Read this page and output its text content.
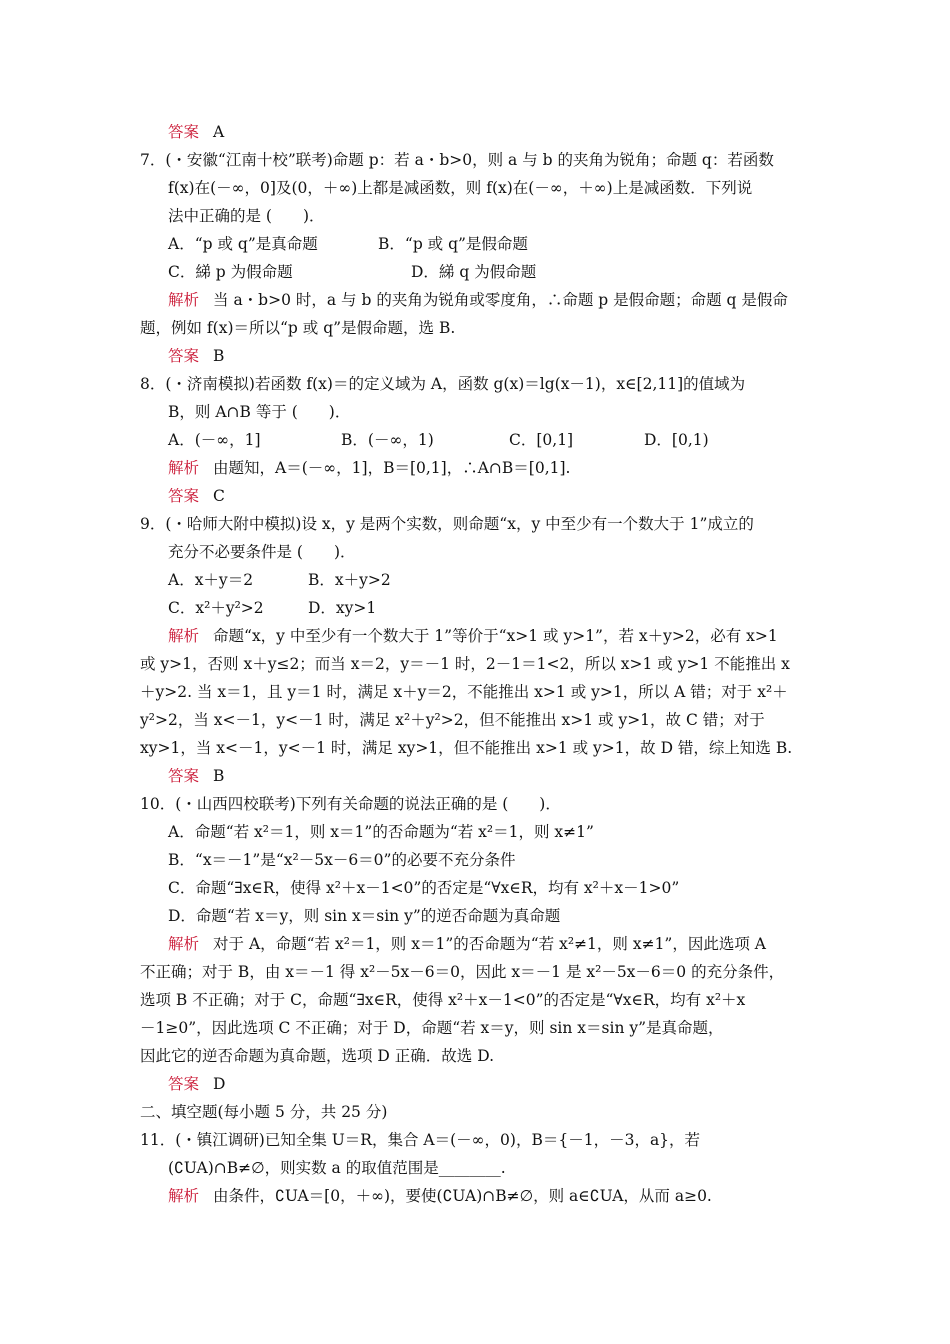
答案 A
7．(・安徽“江南十校”联考)命题 p：若 a・b>0，则 a 与 b 的夹角为锐角；命题 q：若函数
f(x)在(－∞，0]及(0，＋∞)上都是减函数，则 f(x)在(－∞，＋∞)上是减函数．下列说
法中正确的是 (　　)．
A．“p 或 q”是真命题	B．“p 或 q”是假命题
C．綈 p 为假命题	D．綈 q 为假命题
解析 当 a・b>0 时，a 与 b 的夹角为锐角或零度角，∴命题 p 是假命题；命题 q 是假命
题，例如 f(x)＝所以“p 或 q”是假命题，选 B.
答案 B
8．(・济南模拟)若函数 f(x)＝的定义域为 A，函数 g(x)＝lg(x－1)，x∈[2,11]的值域为
B，则 A∩B 等于 (　　)．
A．(－∞，1]	B．(－∞，1)	C．[0,1]	D．[0,1)
解析 由题知，A＝(－∞，1]，B＝[0,1]，∴A∩B＝[0,1].
答案 C
9．(・哈师大附中模拟)设 x，y 是两个实数，则命题“x，y 中至少有一个数大于 1”成立的
充分不必要条件是 (　　)．
A．x＋y＝2	B．x＋y>2
C．x²＋y²>2	D．xy>1
解析 命题“x，y 中至少有一个数大于 1”等价于“x>1 或 y>1”，若 x＋y>2，必有 x>1
或 y>1，否则 x＋y≤2；而当 x＝2，y＝－1 时，2－1＝1<2，所以 x>1 或 y>1 不能推出 x
＋y>2. 当 x＝1，且 y＝1 时，满足 x＋y＝2，不能推出 x>1 或 y>1，所以 A 错；对于 x²＋
y²>2，当 x<－1，y<－1 时，满足 x²＋y²>2，但不能推出 x>1 或 y>1，故 C 错；对于
xy>1，当 x<－1，y<－1 时，满足 xy>1，但不能推出 x>1 或 y>1，故 D 错，综上知选 B.
答案 B
10．(・山西四校联考)下列有关命题的说法正确的是 (　　)．
A．命题“若 x²＝1，则 x＝1”的否命题为“若 x²＝1，则 x≠1”
B．“x＝－1”是“x²－5x－6＝0”的必要不充分条件
C．命题“∃x∈R，使得 x²＋x－1<0”的否定是“∀x∈R，均有 x²＋x－1>0”
D．命题“若 x＝y，则 sin x＝sin y”的逆否命题为真命题
解析 对于 A，命题“若 x²＝1，则 x＝1”的否命题为“若 x²≠1，则 x≠1”，因此选项 A
不正确；对于 B，由 x＝－1 得 x²－5x－6＝0，因此 x＝－1 是 x²－5x－6＝0 的充分条件，
选项 B 不正确；对于 C，命题“∃x∈R，使得 x²＋x－1<0”的否定是“∀x∈R，均有 x²＋x
－1≥0”，因此选项 C 不正确；对于 D，命题“若 x＝y，则 sin x＝sin y”是真命题，
因此它的逆否命题为真命题，选项 D 正确．故选 D.
答案 D
二、填空题(每小题 5 分，共 25 分)
11．(・镇江调研)已知全集 U＝R，集合 A＝(－∞，0)，B＝{－1，－3，a}，若
(∁UA)∩B≠∅，则实数 a 的取值范围是________.
解析 由条件，∁UA＝[0，＋∞)，要使(∁UA)∩B≠∅，则 a∈∁UA，从而 a≥0.
